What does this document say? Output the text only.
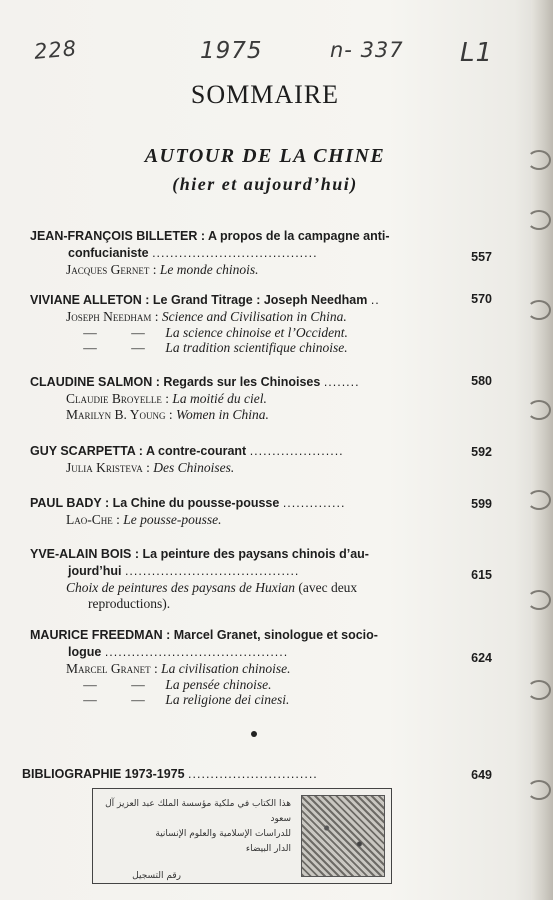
228	1975	n- 337 L1
SOMMAIRE
AUTOUR DE LA CHINE
(hier et aujourd’hui)
JEAN-FRANÇOIS BILLETER : A propos de la campagne anti-
confucianiste .....................................	557
Jacques Gernet : Le monde chinois.
VIVIANE ALLETON : Le Grand Titrage : Joseph Needham ..	570
Joseph Needham : Science and Civilisation in China.
—	— La science chinoise et l’Occident.
—	— La tradition scientifique chinoise.
CLAUDINE SALMON : Regards sur les Chinoises ........	580
Claudie Broyelle : La moitié du ciel.
Marilyn B. Young : Women in China.
GUY SCARPETTA : A contre-courant .....................	592
Julia Kristeva : Des Chinoises.
PAUL BADY : La Chine du pousse-pousse ..............	599
Lao-Che : Le pousse-pousse.
YVE-ALAIN BOIS : La peinture des paysans chinois d’au-
jourd’hui .......................................	615
Choix de peintures des paysans de Huxian (avec deux
reproductions).
MAURICE FREEDMAN : Marcel Granet, sinologue et socio-
logue .........................................	624
Marcel Granet : La civilisation chinoise.
—	— La pensée chinoise.
—	— La religione dei cinesi.
BIBLIOGRAPHIE 1973-1975 .............................	649
هذا الكتاب في ملكية مؤسسة الملك عبد العزيز آل سعود
للدراسات الإسلامية والعلوم الإنسانية
الدار البيضاء
رقم التسجيل
